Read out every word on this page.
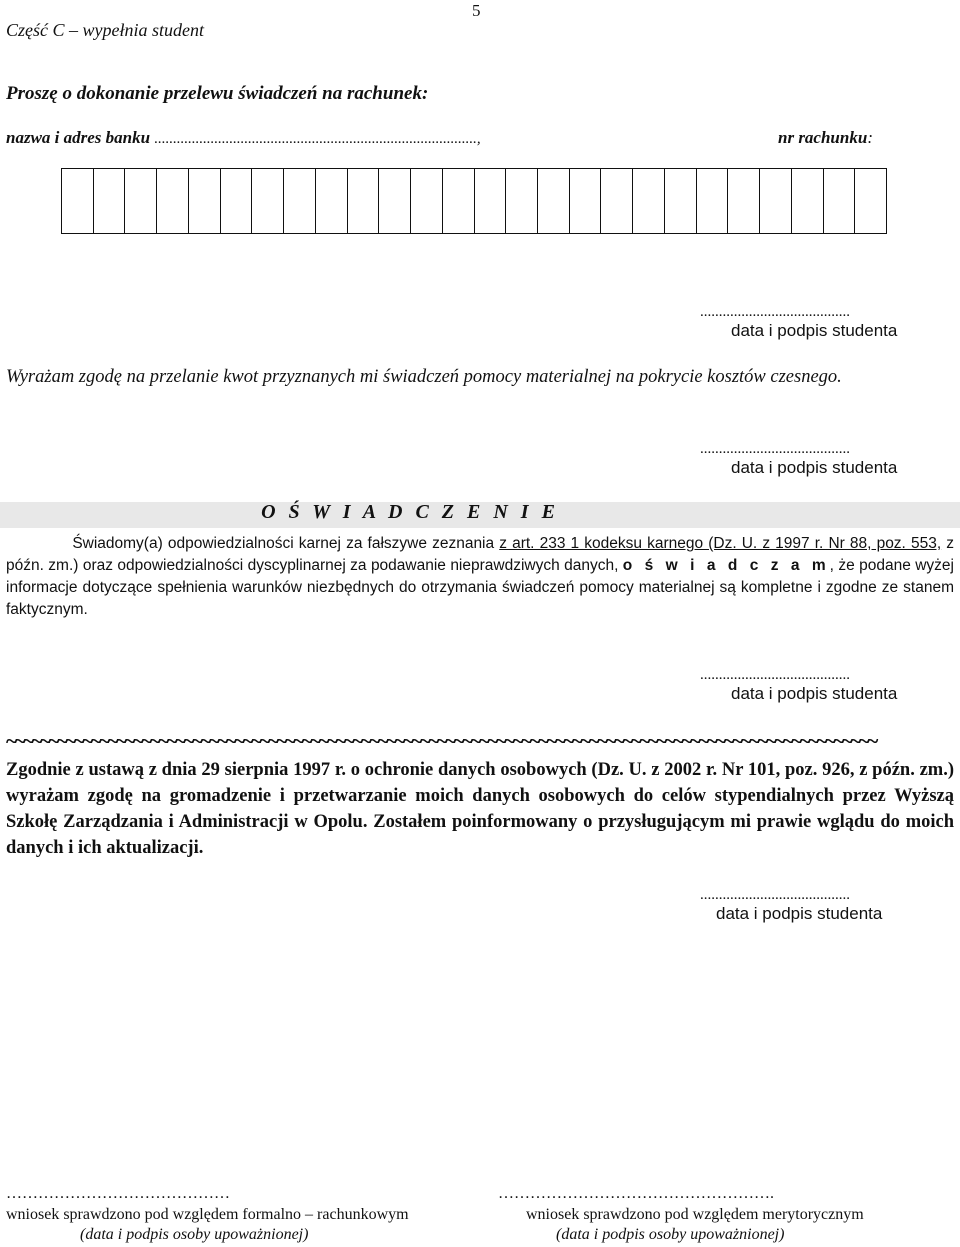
5
Część C – wypełnia student
Proszę o dokonanie przelewu świadczeń na rachunek:
nazwa i adres banku ......................................................................................,	nr rachunku:
........................................
data i podpis studenta
Wyrażam zgodę na przelanie kwot przyznanych mi świadczeń pomocy materialnej na pokrycie kosztów czesnego.
........................................
data i podpis studenta
O Ś W I A D C Z E N I E
Świadomy(a) odpowiedzialności karnej za fałszywe zeznania z art. 233 1 kodeksu karnego (Dz. U. z 1997 r. Nr 88, poz. 553, z późn. zm.) oraz odpowiedzialności dyscyplinarnej za podawanie nieprawdziwych danych, o ś w i a d c z a m, że podane wyżej informacje dotyczące spełnienia warunków niezbędnych do otrzymania świadczeń pomocy materialnej są kompletne i zgodne ze stanem faktycznym.
........................................
data i podpis studenta
~~~~~~~~~~~~~~~~~~~~~~~~~~~~~~~~~~~~~~~~~~~~~~~~~~~~~~~~~~~~~~~~~~~~~~~~~~~~~~~~~~~~~~~~~~~~~~~~~~~~~~~
Zgodnie z ustawą z dnia 29 sierpnia 1997 r. o ochronie danych osobowych (Dz. U. z 2002 r. Nr 101, poz. 926, z późn. zm.) wyrażam zgodę na gromadzenie i przetwarzanie moich danych osobowych do celów stypendialnych przez Wyższą Szkołę Zarządzania i Administracji w Opolu. Zostałem poinformowany o przysługującym mi prawie wglądu do moich danych i ich aktualizacji.
........................................
data i podpis studenta
……………………………………
wniosek sprawdzono pod względem formalno – rachunkowym
(data i podpis osoby upoważnionej)
…………………………………………….
wniosek sprawdzono pod względem merytorycznym
(data i podpis osoby upoważnionej)
